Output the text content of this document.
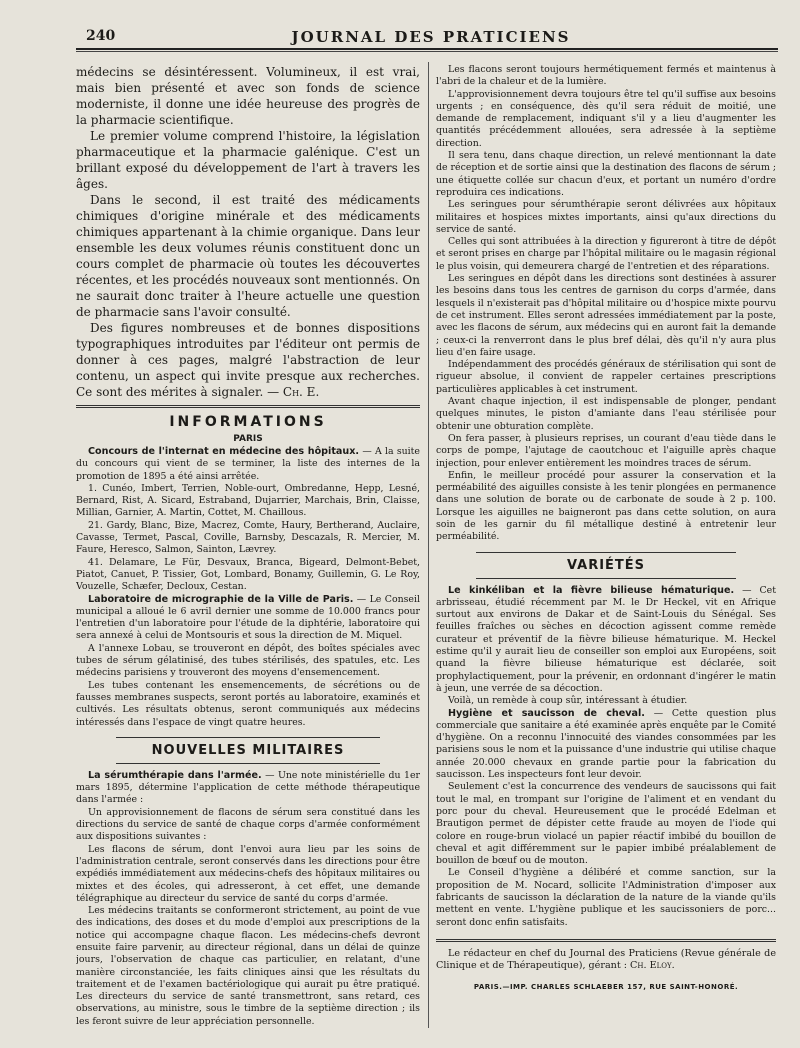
240	JOURNAL DES PRATICIENS

médecins se désintéressent. Volumineux, il est vrai, mais bien présenté et avec son fonds de science moderniste, il donne une idée heureuse des progrès de la pharmacie scientifique.

Le premier volume comprend l'histoire, la législation pharmaceutique et la pharmacie galénique. C'est un brillant exposé du développement de l'art à travers les âges.

Dans le second, il est traité des médicaments chimiques d'origine minérale et des médicaments chimiques appartenant à la chimie organique. Dans leur ensemble les deux volumes réunis constituent donc un cours complet de pharmacie où toutes les découvertes récentes, et les procédés nouveaux sont mentionnés. On ne saurait donc traiter à l'heure actuelle une question de pharmacie sans l'avoir consulté.

Des figures nombreuses et de bonnes dispositions typographiques introduites par l'éditeur ont permis de donner à ces pages, malgré l'abstraction de leur contenu, un aspect qui invite presque aux recherches. Ce sont des mérites à signaler. — Ch. E.

INFORMATIONS
PARIS

Concours de l'internat en médecine des hôpitaux. — A la suite du concours qui vient de se terminer, la liste des internes de la promotion de 1895 a été ainsi arrêtée.

1. Cunéo, Imbert, Terrien, Noble-ourt, Ombredanne, Hepp, Lesné, Bernard, Rist, A. Sicard, Estraband, Dujarrier, Marchais, Brin, Claisse, Millian, Garnier, A. Martin, Cottet, M. Chaillous.

21. Gardy, Blanc, Bize, Macrez, Comte, Haury, Bertherand, Auclaire, Cavasse, Termet, Pascal, Coville, Barnsby, Descazals, R. Mercier, M. Faure, Heresco, Salmon, Sainton, Lævrey.

41. Delamare, Le Für, Desvaux, Branca, Bigeard, Delmont-Bebet, Piatot, Canuet, P. Tissier, Got, Lombard, Bonamy, Guillemin, G. Le Roy, Vouzelle, Schæfer, Decloux, Cestan.

Laboratoire de micrographie de la Ville de Paris. — Le Conseil municipal a alloué le 6 avril dernier une somme de 10.000 francs pour l'entretien d'un laboratoire pour l'étude de la diphtérie, laboratoire qui sera annexé à celui de Montsouris et sous la direction de M. Miquel.

A l'annexe Lobau, se trouveront en dépôt, des boîtes spéciales avec tubes de sérum gélatinisé, des tubes stérilisés, des spatules, etc. Les médecins parisiens y trouveront des moyens d'ensemencement.

Les tubes contenant les ensemencements, de sécrétions ou de fausses membranes suspects, seront portés au laboratoire, examinés et cultivés. Les résultats obtenus, seront communiqués aux médecins intéressés dans l'espace de vingt quatre heures.

NOUVELLES MILITAIRES

La sérumthérapie dans l'armée. — Une note ministérielle du 1er mars 1895, détermine l'application de cette méthode thérapeutique dans l'armée :

Un approvisionnement de flacons de sérum sera constitué dans les directions du service de santé de chaque corps d'armée conformément aux dispositions suivantes :

Les flacons de sérum, dont l'envoi aura lieu par les soins de l'administration centrale, seront conservés dans les directions pour être expédiés immédiatement aux médecins-chefs des hôpitaux militaires ou mixtes et des écoles, qui adresseront, à cet effet, une demande télégraphique au directeur du service de santé du corps d'armée.

Les médecins traitants se conformeront strictement, au point de vue des indications, des doses et du mode d'emploi aux prescriptions de la notice qui accompagne chaque flacon. Les médecins-chefs devront ensuite faire parvenir, au directeur régional, dans un délai de quinze jours, l'observation de chaque cas particulier, en relatant, d'une manière circonstanciée, les faits cliniques ainsi que les résultats du traitement et de l'examen bactériologique qui aurait pu être pratiqué. Les directeurs du service de santé transmettront, sans retard, ces observations, au ministre, sous le timbre de la septième direction ; ils les feront suivre de leur appréciation personnelle.

Les flacons seront toujours hermétiquement fermés et maintenus à l'abri de la chaleur et de la lumière.

L'approvisionnement devra toujours être tel qu'il suffise aux besoins urgents ; en conséquence, dès qu'il sera réduit de moitié, une demande de remplacement, indiquant s'il y a lieu d'augmenter les quantités précédemment allouées, sera adressée à la septième direction.

Il sera tenu, dans chaque direction, un relevé mentionnant la date de réception et de sortie ainsi que la destination des flacons de sérum ; une étiquette collée sur chacun d'eux, et portant un numéro d'ordre reproduira ces indications.

Les seringues pour sérumthérapie seront délivrées aux hôpitaux militaires et hospices mixtes importants, ainsi qu'aux directions du service de santé.

Celles qui sont attribuées à la direction y figureront à titre de dépôt et seront prises en charge par l'hôpital militaire ou le magasin régional le plus voisin, qui demeurera chargé de l'entretien et des réparations.

Les seringues en dépôt dans les directions sont destinées à assurer les besoins dans tous les centres de garnison du corps d'armée, dans lesquels il n'existerait pas d'hôpital militaire ou d'hospice mixte pourvu de cet instrument. Elles seront adressées immédiatement par la poste, avec les flacons de sérum, aux médecins qui en auront fait la demande ; ceux-ci la renverront dans le plus bref délai, dès qu'il n'y aura plus lieu d'en faire usage.

Indépendamment des procédés généraux de stérilisation qui sont de rigueur absolue, il convient de rappeler certaines prescriptions particulières applicables à cet instrument.

Avant chaque injection, il est indispensable de plonger, pendant quelques minutes, le piston d'amiante dans l'eau stérilisée pour obtenir une obturation complète.

On fera passer, à plusieurs reprises, un courant d'eau tiède dans le corps de pompe, l'ajutage de caoutchouc et l'aiguille après chaque injection, pour enlever entièrement les moindres traces de sérum.

Enfin, le meilleur procédé pour assurer la conservation et la perméabilité des aiguilles consiste à les tenir plongées en permanence dans une solution de borate ou de carbonate de soude à 2 p. 100. Lorsque les aiguilles ne baigneront pas dans cette solution, on aura soin de les garnir du fil métallique destiné à entretenir leur perméabilité.

VARIÉTÉS

Le kinkéliban et la fièvre bilieuse hématurique. — Cet arbrisseau, étudié récemment par M. le Dr Heckel, vit en Afrique surtout aux environs de Dakar et de Saint-Louis du Sénégal. Ses feuilles fraîches ou sèches en décoction agissent comme remède curateur et préventif de la fièvre bilieuse hématurique. M. Heckel estime qu'il y aurait lieu de conseiller son emploi aux Européens, soit quand la fièvre bilieuse hématurique est déclarée, soit prophylactiquement, pour la prévenir, en ordonnant d'ingérer le matin à jeun, une verrée de sa décoction.

Voilà, un remède à coup sûr, intéressant à étudier.

Hygiène et saucisson de cheval. — Cette question plus commerciale que sanitaire a été examinée après enquête par le Comité d'hygiène. On a reconnu l'innocuité des viandes consommées par les parisiens sous le nom et la puissance d'une industrie qui utilise chaque année 20.000 chevaux en grande partie pour la fabrication du saucisson. Les inspecteurs font leur devoir.

Seulement c'est la concurrence des vendeurs de saucissons qui fait tout le mal, en trompant sur l'origine de l'aliment et en vendant du porc pour du cheval. Heureusement que le procédé Edelman et Brautigon permet de dépister cette fraude au moyen de l'iode qui colore en rouge-brun violacé un papier réactif imbibé du bouillon de cheval et agit différemment sur le papier imbibé préalablement de bouillon de bœuf ou de mouton.

Le Conseil d'hygiène a délibéré et comme sanction, sur la proposition de M. Nocard, sollicite l'Administration d'imposer aux fabricants de saucisson la déclaration de la nature de la viande qu'ils mettent en vente. L'hygiène publique et les saucissoniers de porc... seront donc enfin satisfaits.

Le rédacteur en chef du Journal des Praticiens (Revue générale de Clinique et de Thérapeutique), gérant : Ch. Eloy.

PARIS.—IMP. CHARLES SCHLAEBER 157, RUE SAINT-HONORÉ.
